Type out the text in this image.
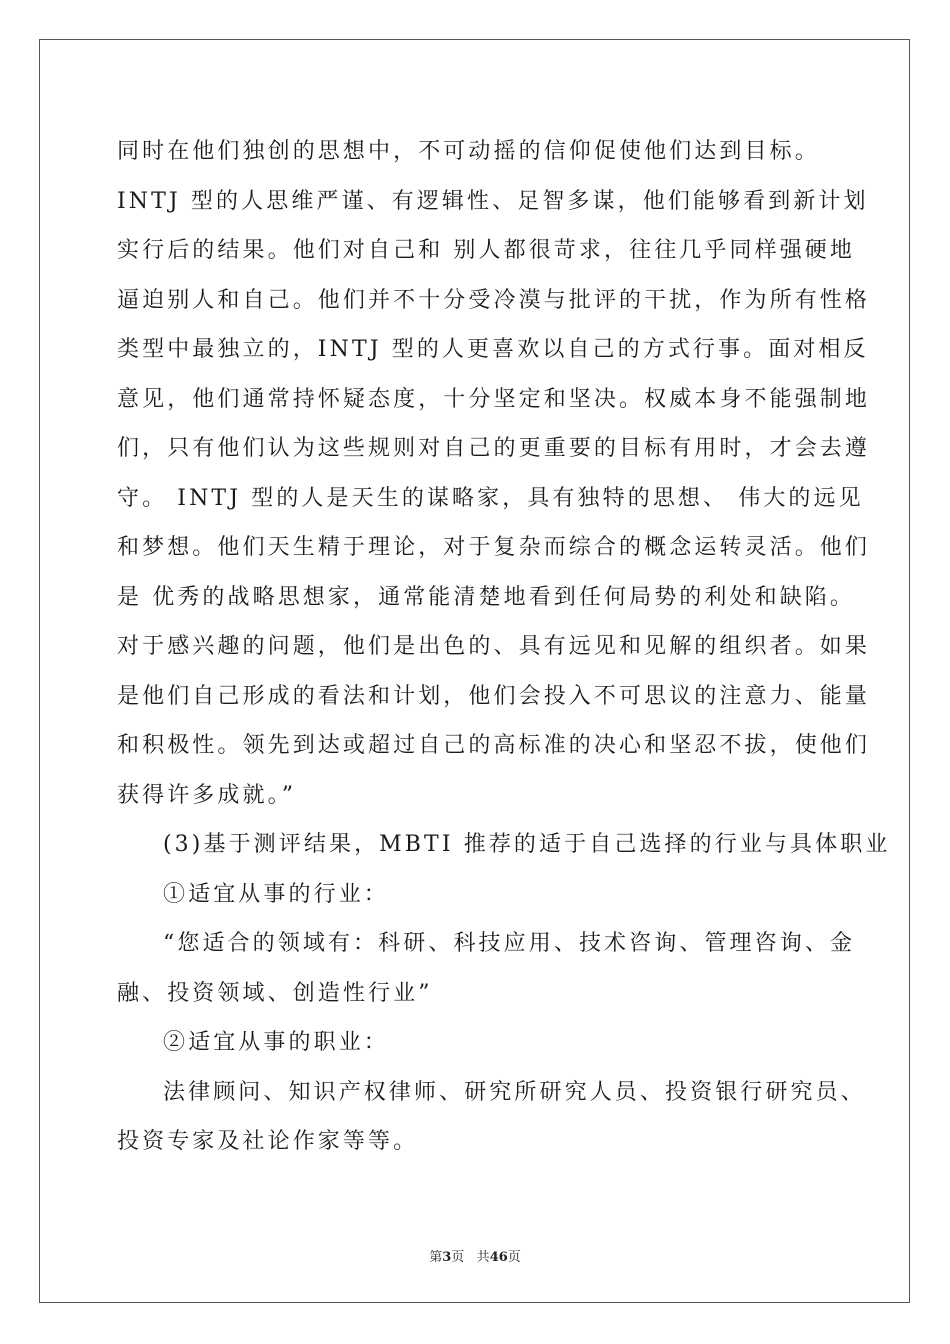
同时在他们独创的思想中，不可动摇的信仰促使他们达到目标。
INTJ 型的人思维严谨、有逻辑性、足智多谋，他们能够看到新计划
实行后的结果。他们对自己和 别人都很苛求，往往几乎同样强硬地
逼迫别人和自己。他们并不十分受冷漠与批评的干扰，作为所有性格
类型中最独立的，INTJ 型的人更喜欢以自己的方式行事。面对相反
意见，他们通常持怀疑态度，十分坚定和坚决。权威本身不能强制地
们，只有他们认为这些规则对自己的更重要的目标有用时，才会去遵
守。 INTJ 型的人是天生的谋略家，具有独特的思想、 伟大的远见
和梦想。他们天生精于理论，对于复杂而综合的概念运转灵活。他们
是 优秀的战略思想家，通常能清楚地看到任何局势的利处和缺陷。
对于感兴趣的问题，他们是出色的、具有远见和见解的组织者。如果
是他们自己形成的看法和计划，他们会投入不可思议的注意力、能量
和积极性。领先到达或超过自己的高标准的决心和坚忍不拔，使他们
获得许多成就。”
(3)基于测评结果，MBTI 推荐的适于自己选择的行业与具体职业
①适宜从事的行业：
“您适合的领域有：科研、科技应用、技术咨询、管理咨询、金
融、投资领域、创造性行业”
②适宜从事的职业：
法律顾问、知识产权律师、研究所研究人员、投资银行研究员、
投资专家及社论作家等等。
第3页 共46页
